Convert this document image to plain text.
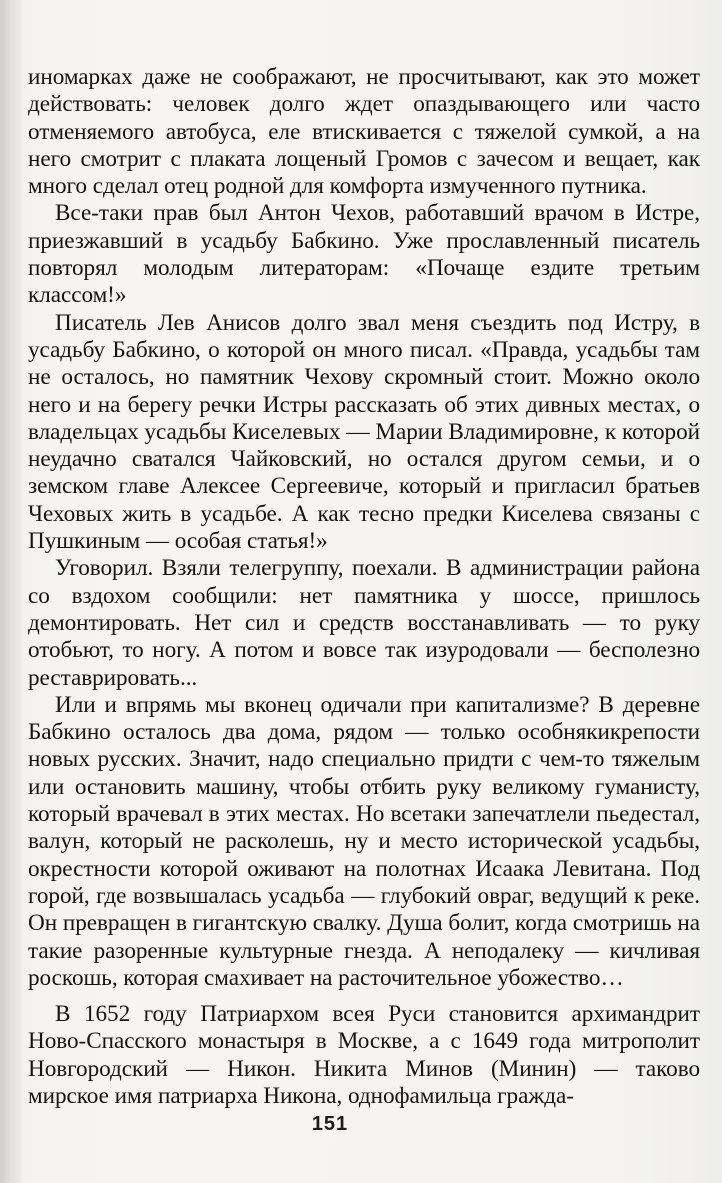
иномарках даже не соображают, не просчитывают, как это может действовать: человек долго ждет опаздывающего или часто отменяемого автобуса, еле втискивается с тяжелой сумкой, а на него смотрит с плаката лощеный Громов с зачесом и вещает, как много сделал отец родной для комфорта измученного путника.

Все-таки прав был Антон Чехов, работавший врачом в Истре, приезжавший в усадьбу Бабкино. Уже прославленный писатель повторял молодым литераторам: «Почаще ездите третьим классом!»

Писатель Лев Анисов долго звал меня съездить под Истру, в усадьбу Бабкино, о которой он много писал. «Правда, усадьбы там не осталось, но памятник Чехову скромный стоит. Можно около него и на берегу речки Истры рассказать об этих дивных местах, о владельцах усадьбы Киселевых — Марии Владимировне, к которой неудачно сватался Чайковский, но остался другом семьи, и о земском главе Алексее Сергеевиче, который и пригласил братьев Чеховых жить в усадьбе. А как тесно предки Киселева связаны с Пушкиным — особая статья!»

Уговорил. Взяли телегруппу, поехали. В администрации района со вздохом сообщили: нет памятника у шоссе, пришлось демонтировать. Нет сил и средств восстанавливать — то руку отобьют, то ногу. А потом и вовсе так изуродовали — бесполезно реставрировать...

Или и впрямь мы вконец одичали при капитализме? В деревне Бабкино осталось два дома, рядом — только особнякикрепости новых русских. Значит, надо специально придти с чем-то тяжелым или остановить машину, чтобы отбить руку великому гуманисту, который врачевал в этих местах. Но всетаки запечатлели пьедестал, валун, который не расколешь, ну и место исторической усадьбы, окрестности которой оживают на полотнах Исаака Левитана. Под горой, где возвышалась усадьба — глубокий овраг, ведущий к реке. Он превращен в гигантскую свалку. Душа болит, когда смотришь на такие разоренные культурные гнезда. А неподалеку — кичливая роскошь, которая смахивает на расточительное убожество…

В 1652 году Патриархом всея Руси становится архимандрит Ново-Спасского монастыря в Москве, а с 1649 года митрополит Новгородский — Никон. Никита Минов (Минин) — таково мирское имя патриарха Никона, однофамильца гражда-

151
